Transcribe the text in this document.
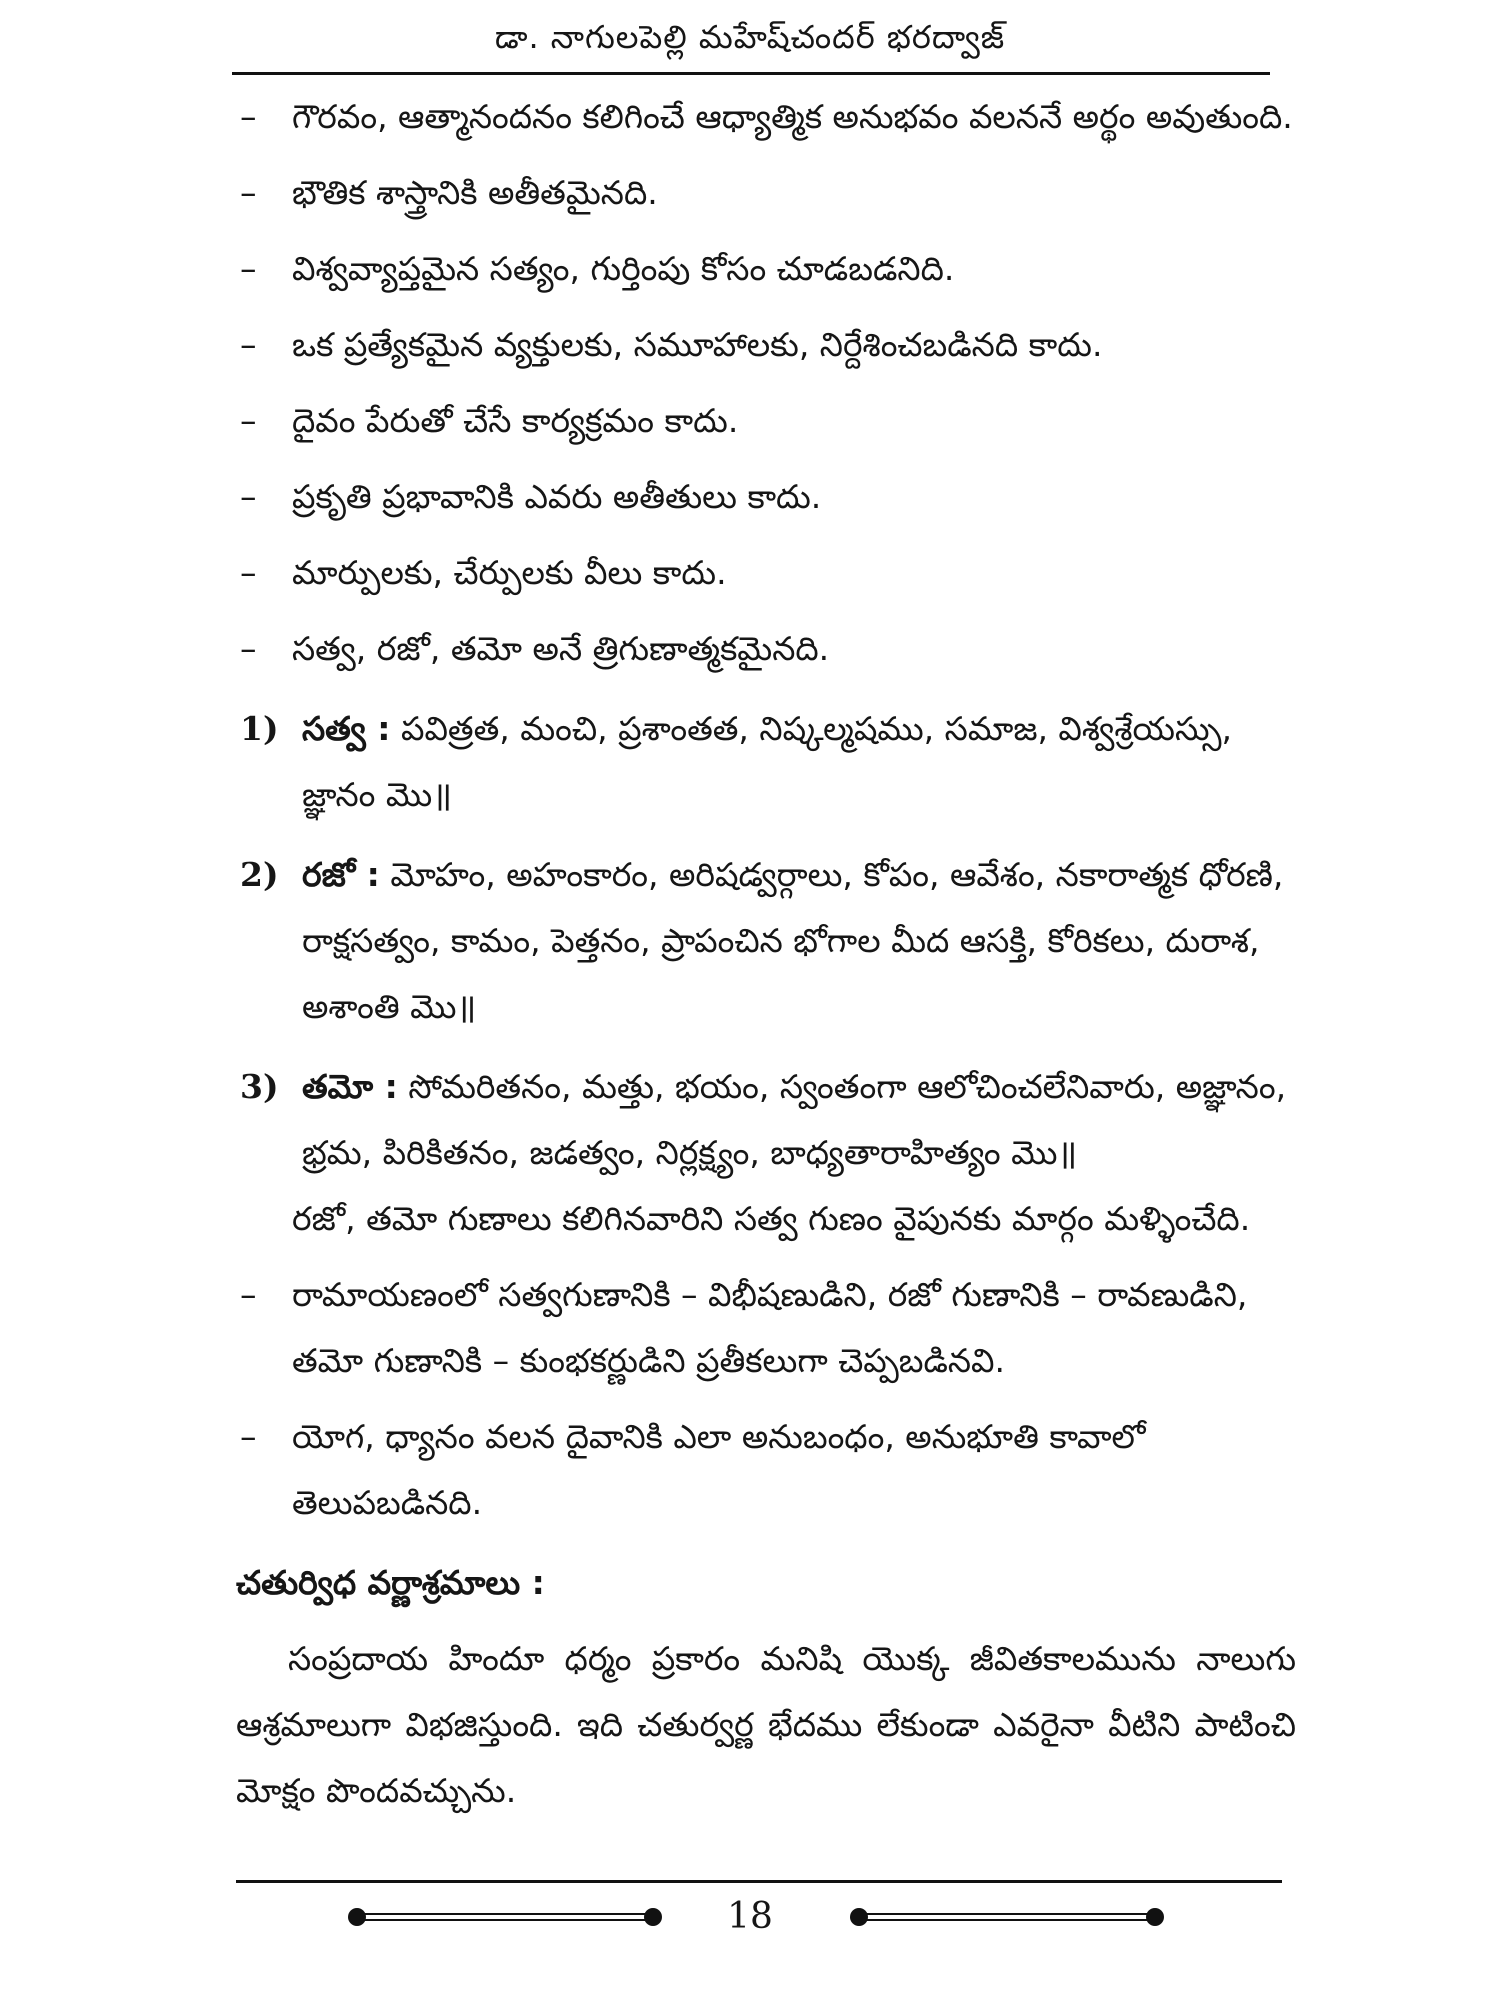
డా. నాగులపెల్లి మహేష్‌చందర్ భరద్వాజ్
–	గౌరవం, ఆత్మానందనం కలిగించే ఆధ్యాత్మిక అనుభవం వలననే అర్థం అవుతుంది.
–	భౌతిక శాస్త్రానికి అతీతమైనది.
–	విశ్వవ్యాప్తమైన సత్యం, గుర్తింపు కోసం చూడబడనిది.
–	ఒక ప్రత్యేకమైన వ్యక్తులకు, సమూహాలకు, నిర్దేశించబడినది కాదు.
–	దైవం పేరుతో చేసే కార్యక్రమం కాదు.
–	ప్రకృతి ప్రభావానికి ఎవరు అతీతులు కాదు.
–	మార్పులకు, చేర్పులకు వీలు కాదు.
–	సత్వ, రజో, తమో అనే త్రిగుణాత్మకమైనది.
1) సత్వ : పవిత్రత, మంచి, ప్రశాంతత, నిష్కల్మషము, సమాజ, విశ్వశ్రేయస్సు, జ్ఞానం మొ॥
2) రజో : మోహం, అహంకారం, అరిషడ్వర్గాలు, కోపం, ఆవేశం, నకారాత్మక ధోరణి, రాక్షసత్వం, కామం, పెత్తనం, ప్రాపంచిన భోగాల మీద ఆసక్తి, కోరికలు, దురాశ, అశాంతి మొ॥
3) తమో : సోమరితనం, మత్తు, భయం, స్వంతంగా ఆలోచించలేనివారు, అజ్ఞానం, భ్రమ, పిరికితనం, జడత్వం, నిర్లక్ష్యం, బాధ్యతారాహిత్యం మొ॥
రజో, తమో గుణాలు కలిగినవారిని సత్వ గుణం వైపునకు మార్గం మళ్ళించేది.
–	రామాయణంలో సత్వగుణానికి – విభీషణుడిని, రజో గుణానికి – రావణుడిని, తమో గుణానికి – కుంభకర్ణుడిని ప్రతీకలుగా చెప్పబడినవి.
–	యోగ, ధ్యానం వలన దైవానికి ఎలా అనుబంధం, అనుభూతి కావాలో తెలుపబడినది.
చతుర్విధ వర్ణాశ్రమాలు :
సంప్రదాయ హిందూ ధర్మం ప్రకారం మనిషి యొక్క జీవితకాలమును నాలుగు ఆశ్రమాలుగా విభజిస్తుంది. ఇది చతుర్వర్ణ భేదము లేకుండా ఎవరైనా వీటిని పాటించి మోక్షం పొందవచ్చును.
18
